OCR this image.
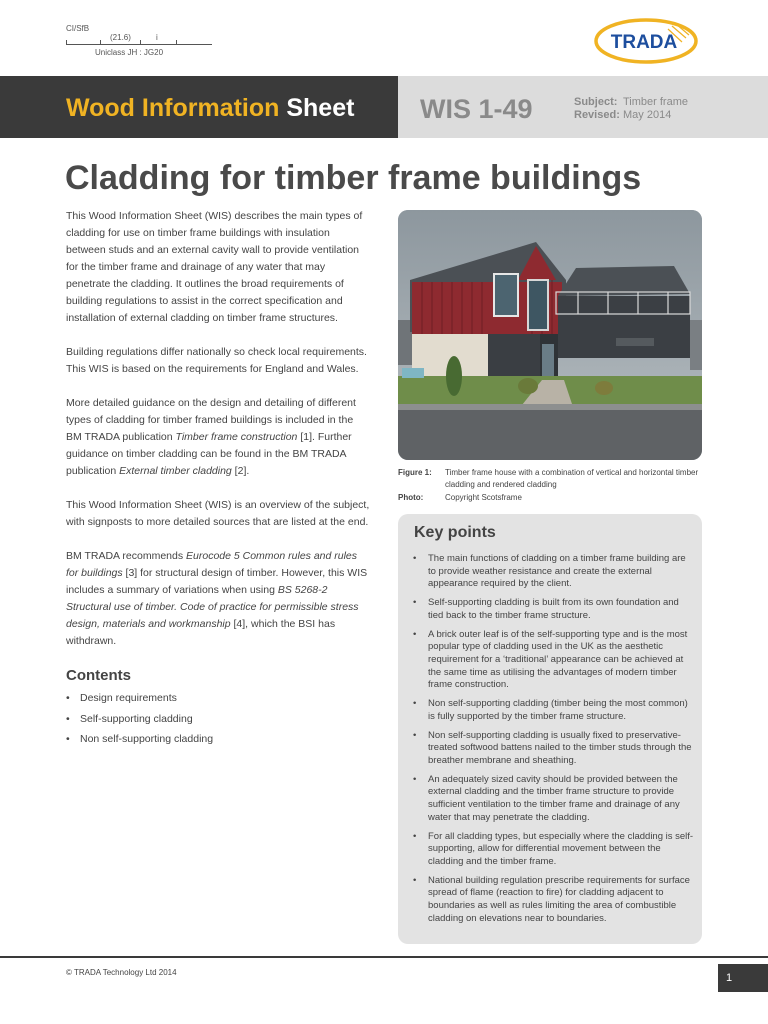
CI/SfB
(21.6)	i
Uniclass JH : JG20	TRADA
Wood Information Sheet WIS 1-49	Subject: Timber frame
Revised: May 2014
Cladding for timber frame buildings

This Wood Information Sheet (WIS) describes the main types of cladding for use on timber frame buildings with insulation between studs and an external cavity wall to provide ventilation for the timber frame and drainage of any water that may penetrate the cladding. It outlines the broad requirements of building regulations to assist in the correct specification and installation of external cladding on timber frame structures.

Building regulations differ nationally so check local requirements. This WIS is based on the requirements for England and Wales.

More detailed guidance on the design and detailing of different types of cladding for timber framed buildings is included in the BM TRADA publication Timber frame construction [1]. Further guidance on timber cladding can be found in the BM TRADA publication External timber cladding [2].

This Wood Information Sheet (WIS) is an overview of the subject, with signposts to more detailed sources that are listed at the end.

BM TRADA recommends Eurocode 5 Common rules and rules for buildings [3] for structural design of timber. However, this WIS includes a summary of variations when using BS 5268-2 Structural use of timber. Code of practice for permissible stress design, materials and workmanship [4], which the BSI has withdrawn.

Contents
• Design requirements
• Self-supporting cladding
• Non self-supporting cladding
Figure 1: Timber frame house with a combination of vertical and horizontal timber cladding and rendered cladding
Photo:	Copyright Scotsframe
Key points
• The main functions of cladding on a timber frame building are to provide weather resistance and create the external appearance required by the client.
• Self-supporting cladding is built from its own foundation and tied back to the timber frame structure.
• A brick outer leaf is of the self-supporting type and is the most popular type of cladding used in the UK as the aesthetic requirement for a ‘traditional’ appearance can be achieved at the same time as utilising the advantages of modern timber frame construction.
• Non self-supporting cladding (timber being the most common) is fully supported by the timber frame structure.
• Non self-supporting cladding is usually fixed to preservative-treated softwood battens nailed to the timber studs through the breather membrane and sheathing.
• An adequately sized cavity should be provided between the external cladding and the timber frame structure to provide sufficient ventilation to the timber frame and drainage of any water that may penetrate the cladding.
• For all cladding types, but especially where the cladding is self-supporting, allow for differential movement between the cladding and the timber frame.
• National building regulation prescribe requirements for surface spread of flame (reaction to fire) for cladding adjacent to boundaries as well as rules limiting the area of combustible cladding on elevations near to boundaries.
© TRADA Technology Ltd 2014	1
